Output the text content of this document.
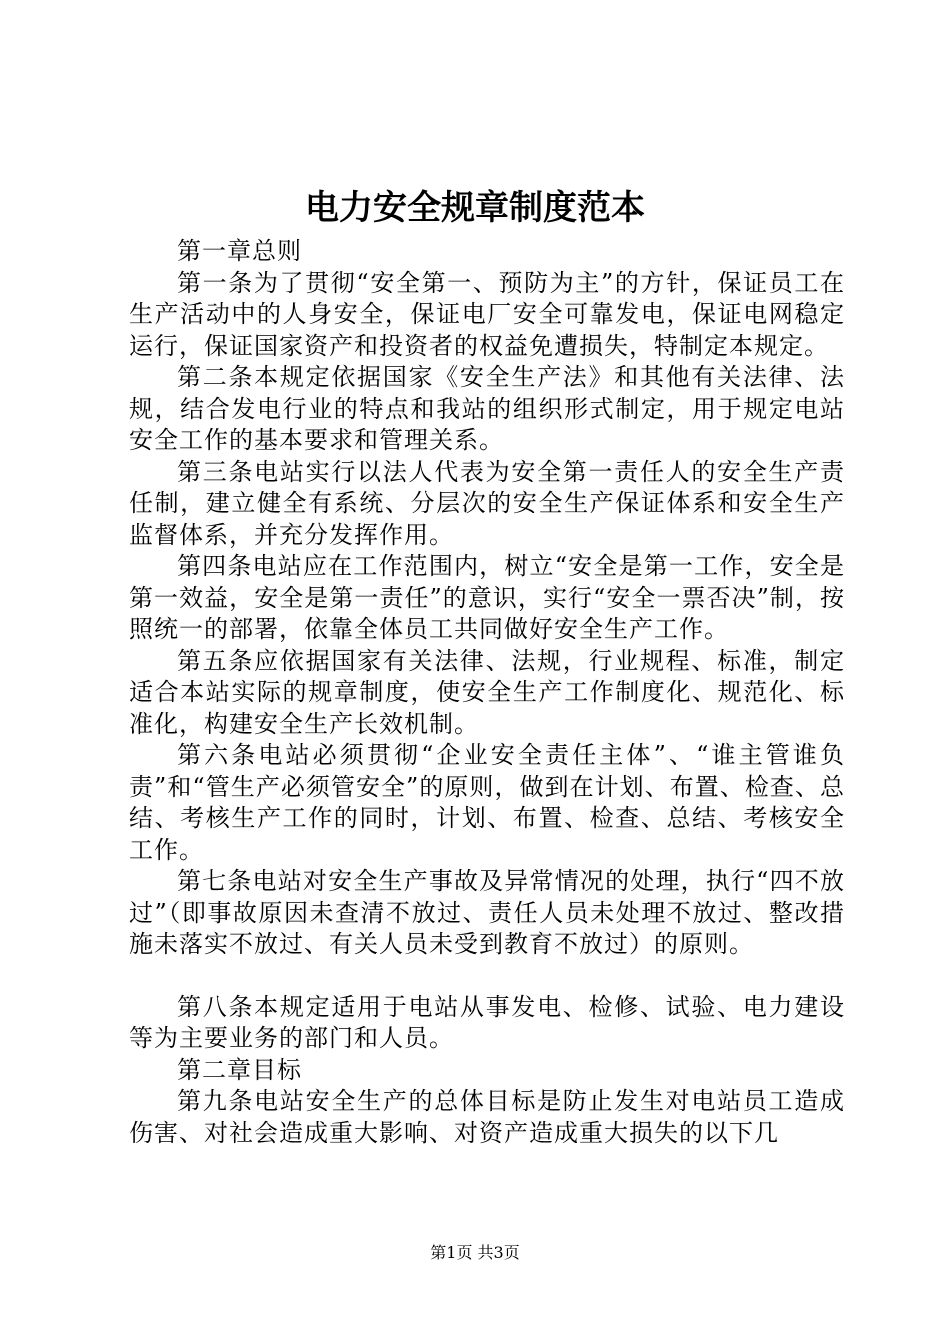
电力安全规章制度范本

第一章总则

第一条为了贯彻“安全第一、预防为主”的方针，保证员工在生产活动中的人身安全，保证电厂安全可靠发电，保证电网稳定运行，保证国家资产和投资者的权益免遭损失，特制定本规定。

第二条本规定依据国家《安全生产法》和其他有关法律、法规，结合发电行业的特点和我站的组织形式制定，用于规定电站安全工作的基本要求和管理关系。

第三条电站实行以法人代表为安全第一责任人的安全生产责任制，建立健全有系统、分层次的安全生产保证体系和安全生产监督体系，并充分发挥作用。

第四条电站应在工作范围内，树立“安全是第一工作，安全是第一效益，安全是第一责任”的意识，实行“安全一票否决”制，按照统一的部署，依靠全体员工共同做好安全生产工作。

第五条应依据国家有关法律、法规，行业规程、标准，制定适合本站实际的规章制度，使安全生产工作制度化、规范化、标准化，构建安全生产长效机制。

第六条电站必须贯彻“企业安全责任主体”、“谁主管谁负责”和“管生产必须管安全”的原则，做到在计划、布置、检查、总结、考核生产工作的同时，计划、布置、检查、总结、考核安全工作。

第七条电站对安全生产事故及异常情况的处理，执行“四不放过”（即事故原因未查清不放过、责任人员未处理不放过、整改措施未落实不放过、有关人员未受到教育不放过）的原则。

第八条本规定适用于电站从事发电、检修、试验、电力建设等为主要业务的部门和人员。

第二章目标

第九条电站安全生产的总体目标是防止发生对电站员工造成伤害、对社会造成重大影响、对资产造成重大损失的以下几

第1页 共3页
